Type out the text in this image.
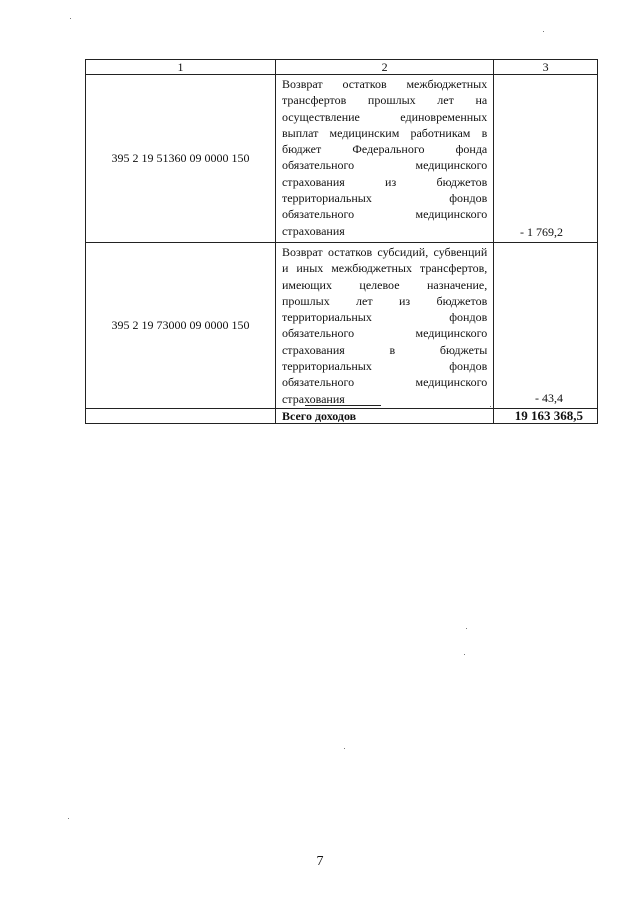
1	2	3
395 2 19 51360 09 0000 150	Возврат остатков межбюджетных трансфертов прошлых лет на осуществление единовременных выплат медицинским работникам в бюджет Федерального фонда обязательного медицинского страхования из бюджетов территориальных фондов обязательного медицинского страхования	- 1 769,2
395 2 19 73000 09 0000 150	Возврат остатков субсидий, субвенций и иных межбюджетных трансфертов, имеющих целевое назначение, прошлых лет из бюджетов территориальных фондов обязательного медицинского страхования в бюджеты территориальных фондов обязательного медицинского страхования	- 43,4
	Всего доходов	19 163 368,5
7
